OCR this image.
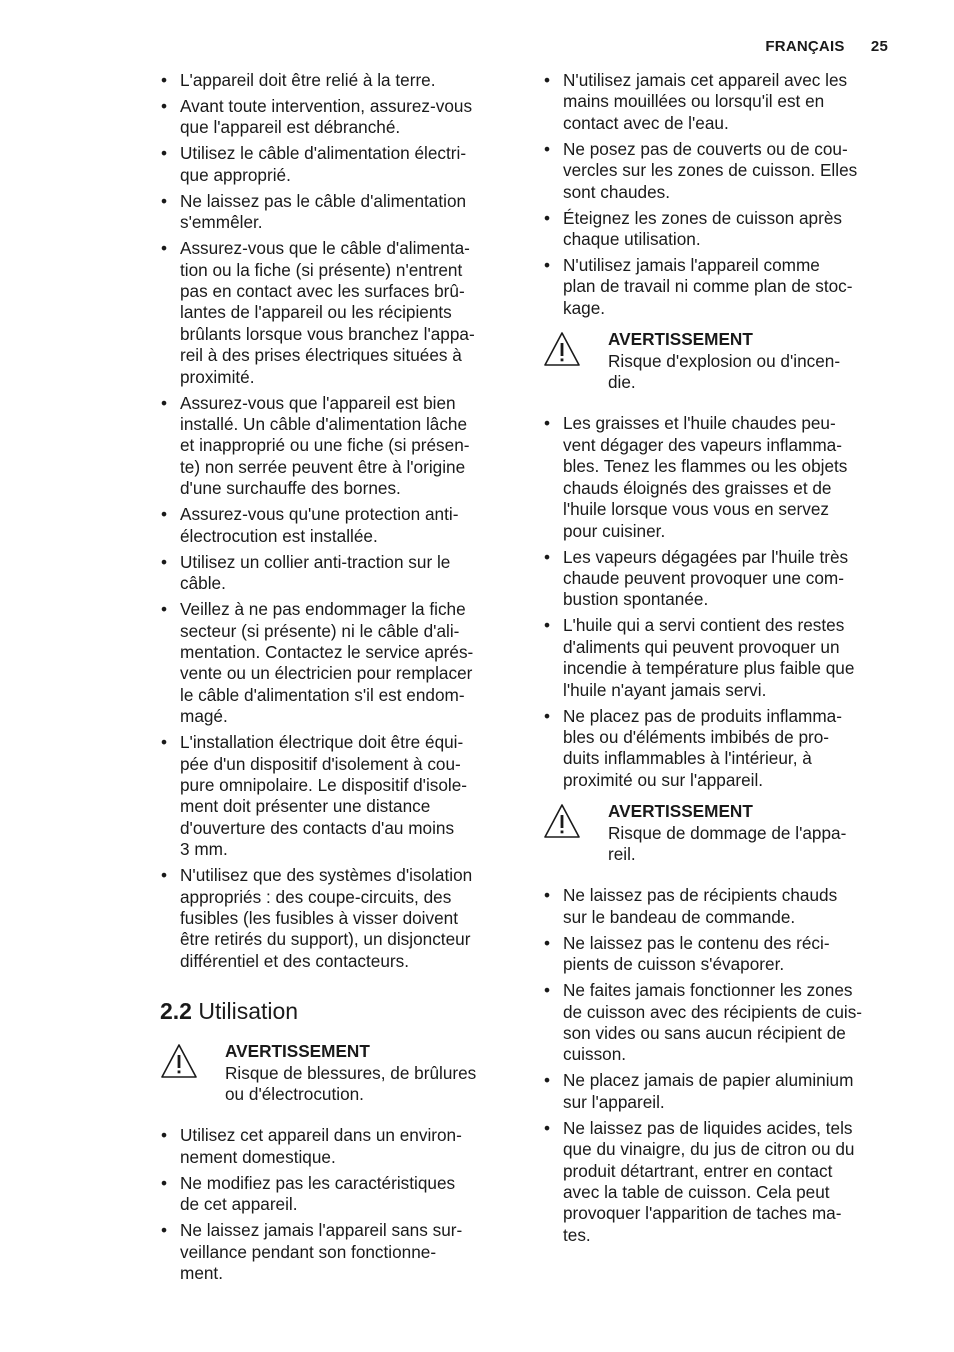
FRANÇAIS 25
• L'appareil doit être relié à la terre.
• Avant toute intervention, assurez-vous
que l'appareil est débranché.
• Utilisez le câble d'alimentation électri-
que approprié.
• Ne laissez pas le câble d'alimentation
s'emmêler.
• Assurez-vous que le câble d'alimenta-
tion ou la fiche (si présente) n'entrent
pas en contact avec les surfaces brû-
lantes de l'appareil ou les récipients
brûlants lorsque vous branchez l'appa-
reil à des prises électriques situées à
proximité.
• Assurez-vous que l'appareil est bien
installé. Un câble d'alimentation lâche
et inapproprié ou une fiche (si présen-
te) non serrée peuvent être à l'origine
d'une surchauffe des bornes.
• Assurez-vous qu'une protection anti-
électrocution est installée.
• Utilisez un collier anti-traction sur le
câble.
• Veillez à ne pas endommager la fiche
secteur (si présente) ni le câble d'ali-
mentation. Contactez le service aprés-
vente ou un électricien pour remplacer
le câble d'alimentation s'il est endom-
magé.
• L'installation électrique doit être équi-
pée d'un dispositif d'isolement à cou-
pure omnipolaire. Le dispositif d'isole-
ment doit présenter une distance
d'ouverture des contacts d'au moins
3 mm.
• N'utilisez que des systèmes d'isolation
appropriés : des coupe-circuits, des
fusibles (les fusibles à visser doivent
être retirés du support), un disjoncteur
différentiel et des contacteurs.
2.2 Utilisation
AVERTISSEMENT
Risque de blessures, de brûlures
ou d'électrocution.
• Utilisez cet appareil dans un environ-
nement domestique.
• Ne modifiez pas les caractéristiques
de cet appareil.
• Ne laissez jamais l'appareil sans sur-
veillance pendant son fonctionne-
ment.
• N'utilisez jamais cet appareil avec les
mains mouillées ou lorsqu'il est en
contact avec de l'eau.
• Ne posez pas de couverts ou de cou-
vercles sur les zones de cuisson. Elles
sont chaudes.
• Éteignez les zones de cuisson après
chaque utilisation.
• N'utilisez jamais l'appareil comme
plan de travail ni comme plan de stoc-
kage.
AVERTISSEMENT
Risque d'explosion ou d'incen-
die.
• Les graisses et l'huile chaudes peu-
vent dégager des vapeurs inflamma-
bles. Tenez les flammes ou les objets
chauds éloignés des graisses et de
l'huile lorsque vous vous en servez
pour cuisiner.
• Les vapeurs dégagées par l'huile très
chaude peuvent provoquer une com-
bustion spontanée.
• L'huile qui a servi contient des restes
d'aliments qui peuvent provoquer un
incendie à température plus faible que
l'huile n'ayant jamais servi.
• Ne placez pas de produits inflamma-
bles ou d'éléments imbibés de pro-
duits inflammables à l'intérieur, à
proximité ou sur l'appareil.
AVERTISSEMENT
Risque de dommage de l'appa-
reil.
• Ne laissez pas de récipients chauds
sur le bandeau de commande.
• Ne laissez pas le contenu des réci-
pients de cuisson s'évaporer.
• Ne faites jamais fonctionner les zones
de cuisson avec des récipients de cuis-
son vides ou sans aucun récipient de
cuisson.
• Ne placez jamais de papier aluminium
sur l'appareil.
• Ne laissez pas de liquides acides, tels
que du vinaigre, du jus de citron ou du
produit détartrant, entrer en contact
avec la table de cuisson. Cela peut
provoquer l'apparition de taches ma-
tes.
